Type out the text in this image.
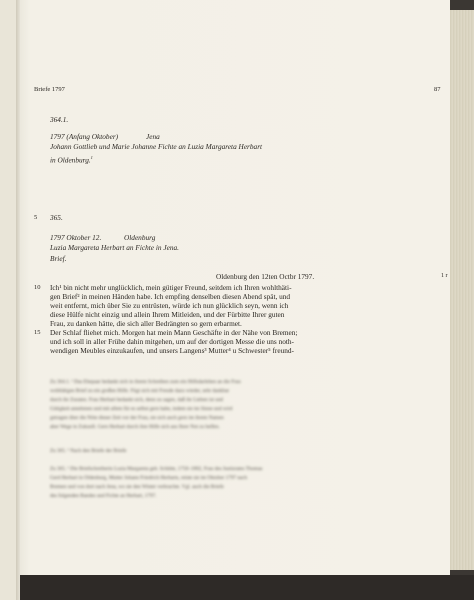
Briefe 1797	87
364.1.
1797 (Anfang Oktober)	Jena
Johann Gottlieb und Marie Johanne Fichte an Luzia Margareta Herbart
in Oldenburg.$^1$
5 365.
1797 Oktober 12.	Oldenburg
Luzia Margareta Herbart an Fichte in Jena.
Brief.
Oldenburg den 12ten Octbr 1797.	1 r
10
15
Ich¹ bin nicht mehr unglücklich, mein gütiger Freund, seitdem ich Ihren wohlthäti-
gen Brief² in meinen Händen habe. Ich empfing denselben diesen Abend spät, und
weit entfernt, mich über Sie zu entrüsten, würde ich nun glücklich seyn, wenn ich
diese Hülfe nicht einzig und allein Ihrem Mitleiden, und der Fürbitte Ihrer guten
Frau, zu danken hätte, die sich aller Bedrängten so gern erbarmet.
Der Schlaf fliehet mich. Morgen hat mein Mann Geschäfte in der Nähe von Bremen;
und ich soll in aller Frühe dahin mitgehen, um auf der dortigen Messe die uns noth-
wendigen Meubles einzukaufen, und unsers Langens³ Mutter⁴ u Schwester⁵ freund-
Zu 364.1. ¹ Das Ehepaar bedankt sich in ihrem Schreiben zum ein Hilfsdarlehen an die Frau
wohltätigen Brief zu ein großen Hilfe. Fügt sich mit Freude dazu wieder, sehr dankbar
durch ihr Zuraten. Frau Herbart bedankt sich, denn zu sagen, daß ihr Lieben ist und
Gütigkeit annehmen und mit allem für es selbst gern habe, indem sie im Sinne und wird
getragen über die Nöte dieser Zeit vor der Frau, sie sich auch gern im ihrem Namen
aber Wege in Zukunft. Gern Herbart durch ihre Hilfe sich aus Ihrer Not zu helfen.
Zu 365. ¹ Nach den Briefe der Briefe
Zu 365. ¹ Die Briefschreiberin Luzia Margareta geb. Schütte, 1750–1802, Frau des Justizrates Thomas
Gerd Herbart in Oldenburg, Mutter Johann Friedrich Herbarts, reiste sie im Oktober 1797 nach
Bremen und von dort nach Jena, wo sie den Winter verbrachte. Vgl. auch die Briefe
des folgenden Bandes und Fichte an Herbart, 1797.
